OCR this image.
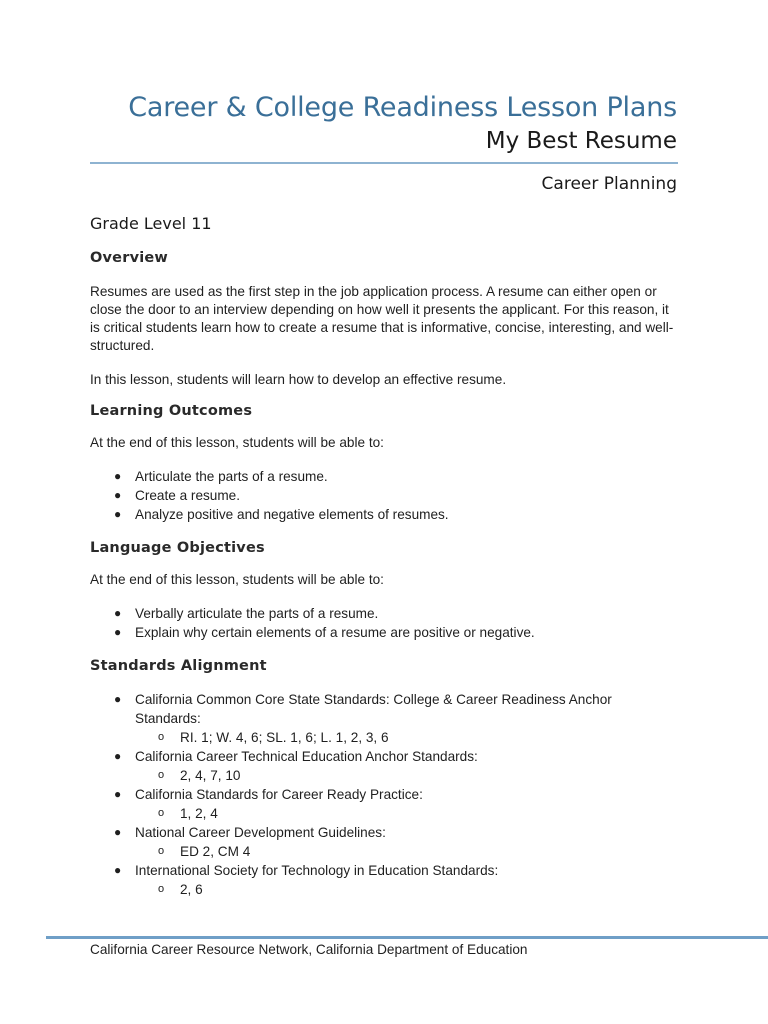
Career & College Readiness Lesson Plans
My Best Resume
Career Planning
Grade Level 11
Overview

Resumes are used as the first step in the job application process. A resume can either open or close the door to an interview depending on how well it presents the applicant. For this reason, it is critical students learn how to create a resume that is informative, concise, interesting, and well-structured.

In this lesson, students will learn how to develop an effective resume.

Learning Outcomes

At the end of this lesson, students will be able to:

● Articulate the parts of a resume.
● Create a resume.
● Analyze positive and negative elements of resumes.
Language Objectives

At the end of this lesson, students will be able to:

● Verbally articulate the parts of a resume.
● Explain why certain elements of a resume are positive or negative.
Standards Alignment
● California Common Core State Standards: College & Career Readiness Anchor Standards:
o RI. 1; W. 4, 6; SL. 1, 6; L. 1, 2, 3, 6
● California Career Technical Education Anchor Standards:
o 2, 4, 7, 10
● California Standards for Career Ready Practice:
o 1, 2, 4
● National Career Development Guidelines:
o ED 2, CM 4
● International Society for Technology in Education Standards:
o 2, 6
California Career Resource Network, California Department of Education
